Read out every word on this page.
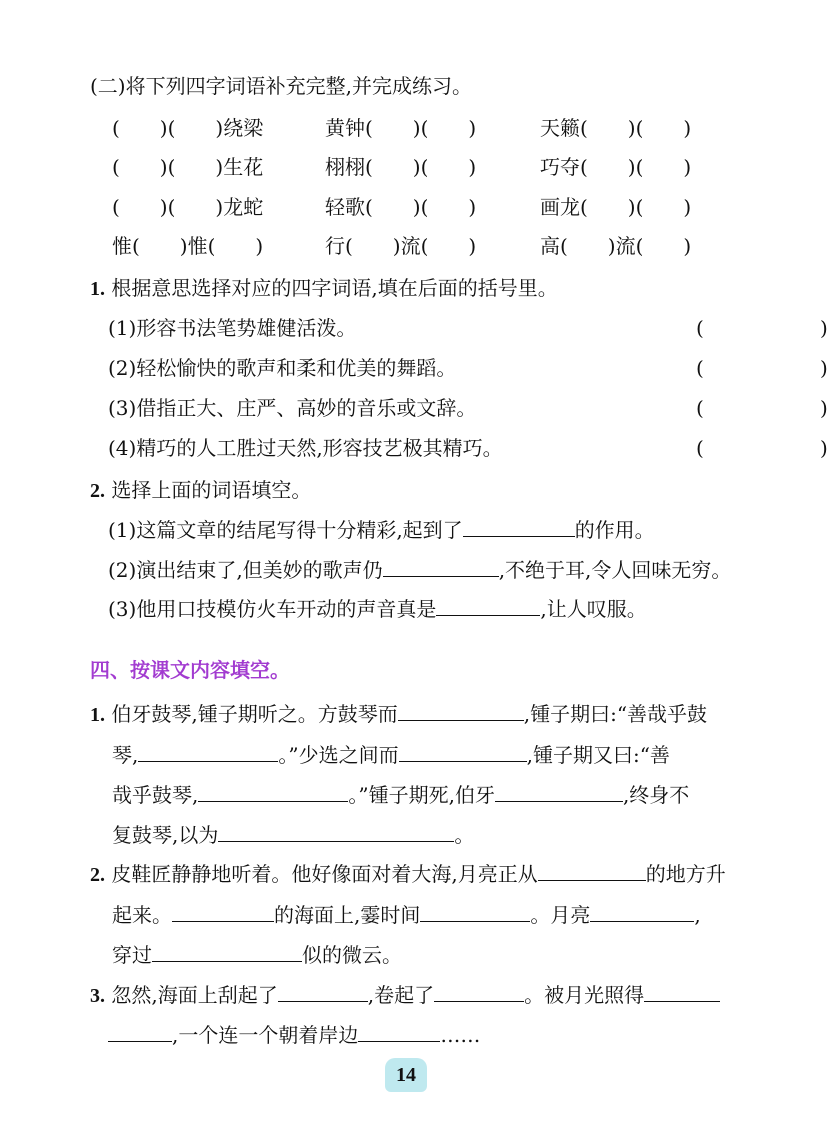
(二)将下列四字词语补充完整,并完成练习。
(　　)(　　)绕梁	黄钟(　　)(　　)	天籁(　　)(　　)
(　　)(　　)生花	栩栩(　　)(　　)	巧夺(　　)(　　)
(　　)(　　)龙蛇	轻歌(　　)(　　)	画龙(　　)(　　)
惟(　　)惟(　　)	行(　　)流(　　)	高(　　)流(　　)
1. 根据意思选择对应的四字词语,填在后面的括号里。
(1)形容书法笔势雄健活泼。	(	)
(2)轻松愉快的歌声和柔和优美的舞蹈。	(	)
(3)借指正大、庄严、高妙的音乐或文辞。	(	)
(4)精巧的人工胜过天然,形容技艺极其精巧。	(	)
2. 选择上面的词语填空。
(1)这篇文章的结尾写得十分精彩,起到了	的作用。
(2)演出结束了,但美妙的歌声仍	,不绝于耳,令人回味无穷。
(3)他用口技模仿火车开动的声音真是	,让人叹服。
四、按课文内容填空。
1. 伯牙鼓琴,锺子期听之。方鼓琴而	,锺子期曰:“善哉乎鼓
琴,	。”少选之间而	,锺子期又曰:“善
哉乎鼓琴,	。”锺子期死,伯牙	,终身不
复鼓琴,以为	。
2. 皮鞋匠静静地听着。他好像面对着大海,月亮正从	的地方升
起来。	的海面上,霎时间	。月亮	,
穿过	似的微云。
3. 忽然,海面上刮起了	,卷起了	。被月光照得
,一个连一个朝着岸边	……
14
